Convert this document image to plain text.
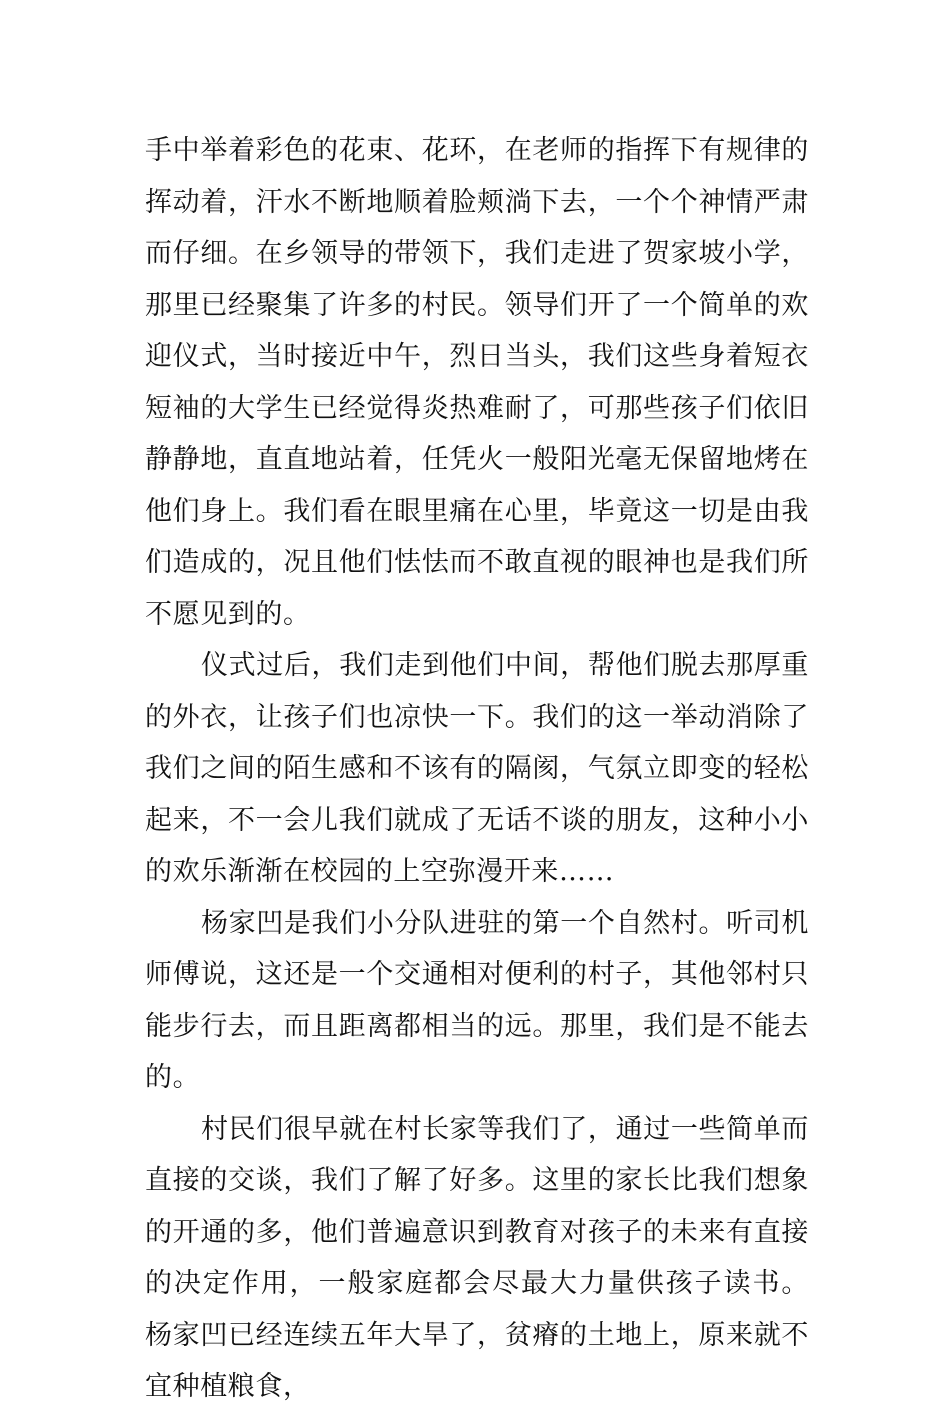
手中举着彩色的花束、花环，在老师的指挥下有规律的挥动着，汗水不断地顺着脸颊淌下去，一个个神情严肃而仔细。在乡领导的带领下，我们走进了贺家坡小学，那里已经聚集了许多的村民。领导们开了一个简单的欢迎仪式，当时接近中午，烈日当头，我们这些身着短衣短袖的大学生已经觉得炎热难耐了，可那些孩子们依旧静静地，直直地站着，任凭火一般阳光毫无保留地烤在他们身上。我们看在眼里痛在心里，毕竟这一切是由我们造成的，况且他们怯怯而不敢直视的眼神也是我们所不愿见到的。

仪式过后，我们走到他们中间，帮他们脱去那厚重的外衣，让孩子们也凉快一下。我们的这一举动消除了我们之间的陌生感和不该有的隔阂，气氛立即变的轻松起来，不一会儿我们就成了无话不谈的朋友，这种小小的欢乐渐渐在校园的上空弥漫开来……

杨家凹是我们小分队进驻的第一个自然村。听司机师傅说，这还是一个交通相对便利的村子，其他邻村只能步行去，而且距离都相当的远。那里，我们是不能去的。

村民们很早就在村长家等我们了，通过一些简单而直接的交谈，我们了解了好多。这里的家长比我们想象的开通的多，他们普遍意识到教育对孩子的未来有直接的决定作用，一般家庭都会尽最大力量供孩子读书。 杨家凹已经连续五年大旱了，贫瘠的土地上，原来就不宜种植粮食，
